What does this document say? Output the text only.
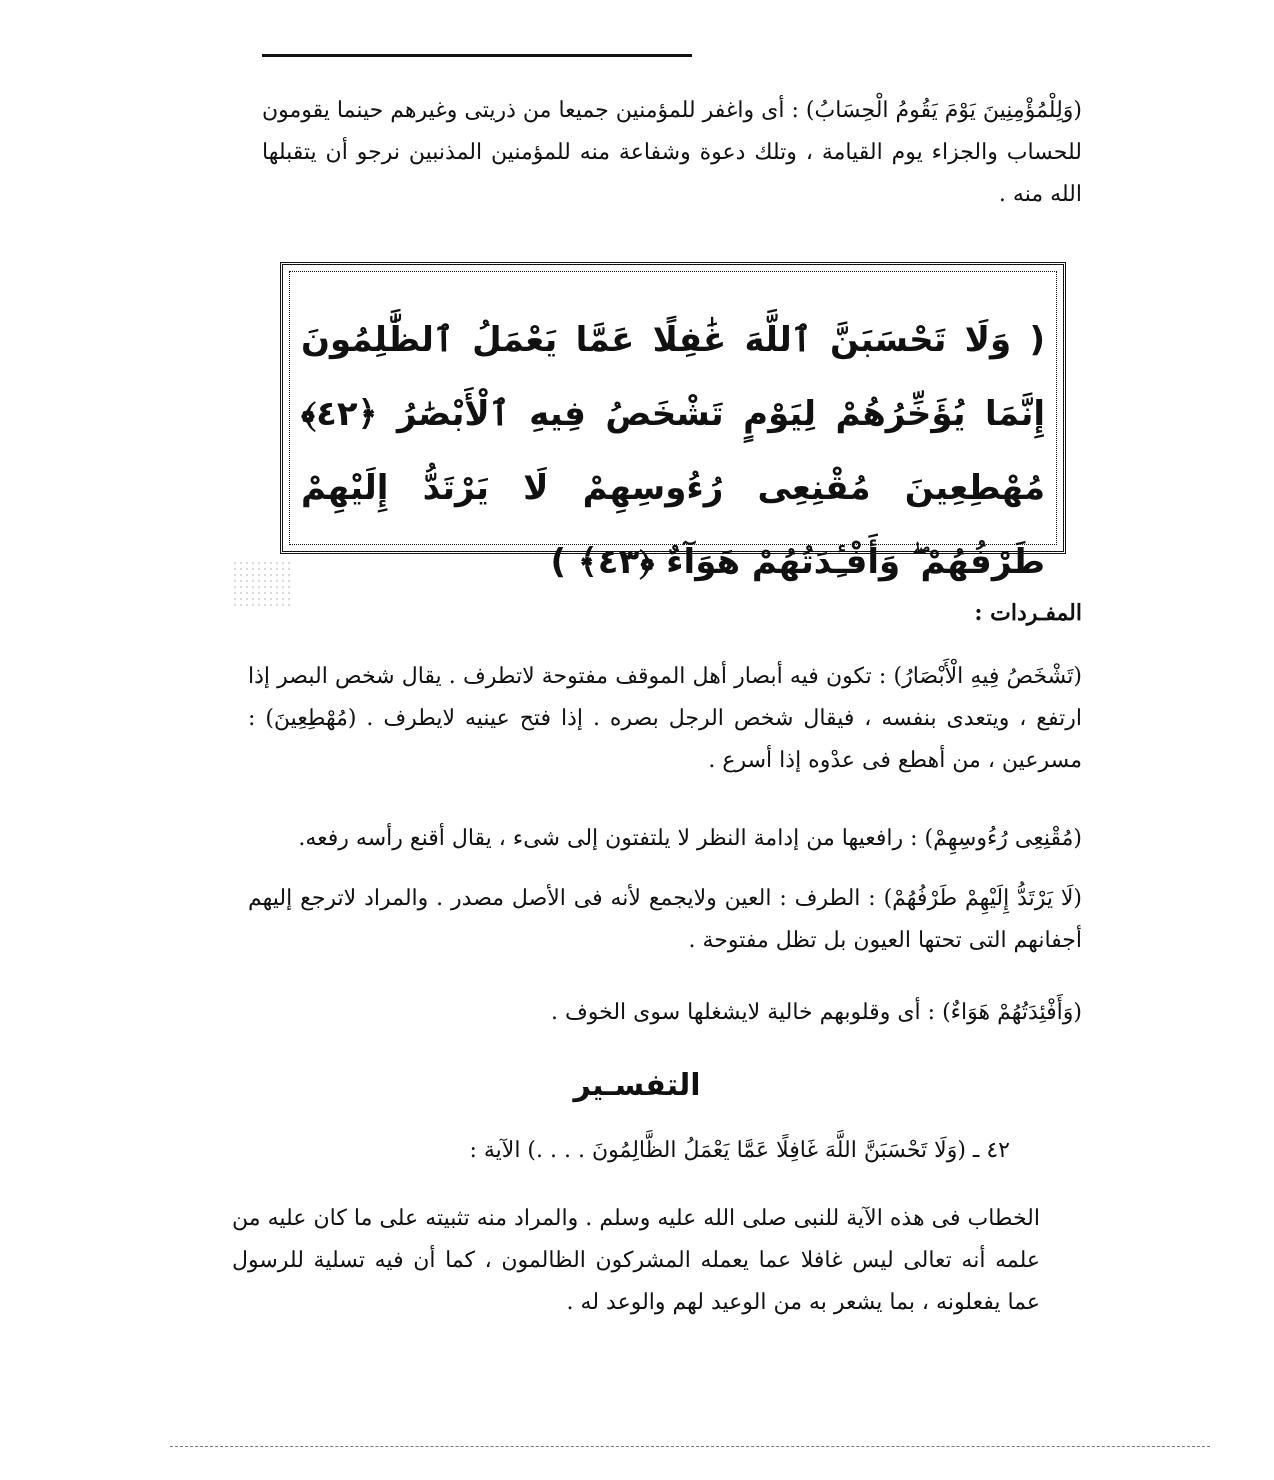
(وَلِلْمُؤْمِنِينَ يَوْمَ يَقُومُ الْحِسَابُ) : أى واغفر للمؤمنين جميعا من ذريتى وغيرهم حينما يقومون للحساب والجزاء يوم القيامة ، وتلك دعوة وشفاعة منه للمؤمنين المذنبين نرجو أن يتقبلها الله منه .

( وَلَا تَحْسَبَنَّ ٱللَّهَ غَٰفِلًا عَمَّا يَعْمَلُ ٱلظَّٰلِمُونَ إِنَّمَا يُؤَخِّرُهُمْ لِيَوْمٍ تَشْخَصُ فِيهِ ٱلْأَبْصَٰرُ ﴿٤٢﴾ مُهْطِعِينَ مُقْنِعِى رُءُوسِهِمْ لَا يَرْتَدُّ إِلَيْهِمْ طَرْفُهُمْ ۖ وَأَفْـِٔدَتُهُمْ هَوَآءٌ ﴿٤٣﴾ )

المفـردات :

(تَشْخَصُ فِيهِ الْأَبْصَارُ) : تكون فيه أبصار أهل الموقف مفتوحة لاتطرف . يقال شخص البصر إذا ارتفع ، ويتعدى بنفسه ، فيقال شخص الرجل بصره . إذا فتح عينيه لايطرف . (مُهْطِعِينَ) : مسرعين ، من أهطع فى عدْوه إذا أسرع .

(مُقْنِعِى رُءُوسِهِمْ) : رافعيها من إدامة النظر لا يلتفتون إلى شىء ، يقال أقنع رأسه رفعه.

(لَا يَرْتَدُّ إِلَيْهِمْ طَرْفُهُمْ) : الطرف : العين ولايجمع لأنه فى الأصل مصدر . والمراد لاترجع إليهم أجفانهم التى تحتها العيون بل تظل مفتوحة .

(وَأَفْئِدَتُهُمْ هَوَاءٌ) : أى وقلوبهم خالية لايشغلها سوى الخوف .

التفسـير

٤٢ ـ (وَلَا تَحْسَبَنَّ اللَّهَ غَافِلًا عَمَّا يَعْمَلُ الظَّالِمُونَ . . . .) الآية :

الخطاب فى هذه الآية للنبى صلى الله عليه وسلم . والمراد منه تثبيته على ما كان عليه من علمه أنه تعالى ليس غافلا عما يعمله المشركون الظالمون ، كما أن فيه تسلية للرسول عما يفعلونه ، بما يشعر به من الوعيد لهم والوعد له .
